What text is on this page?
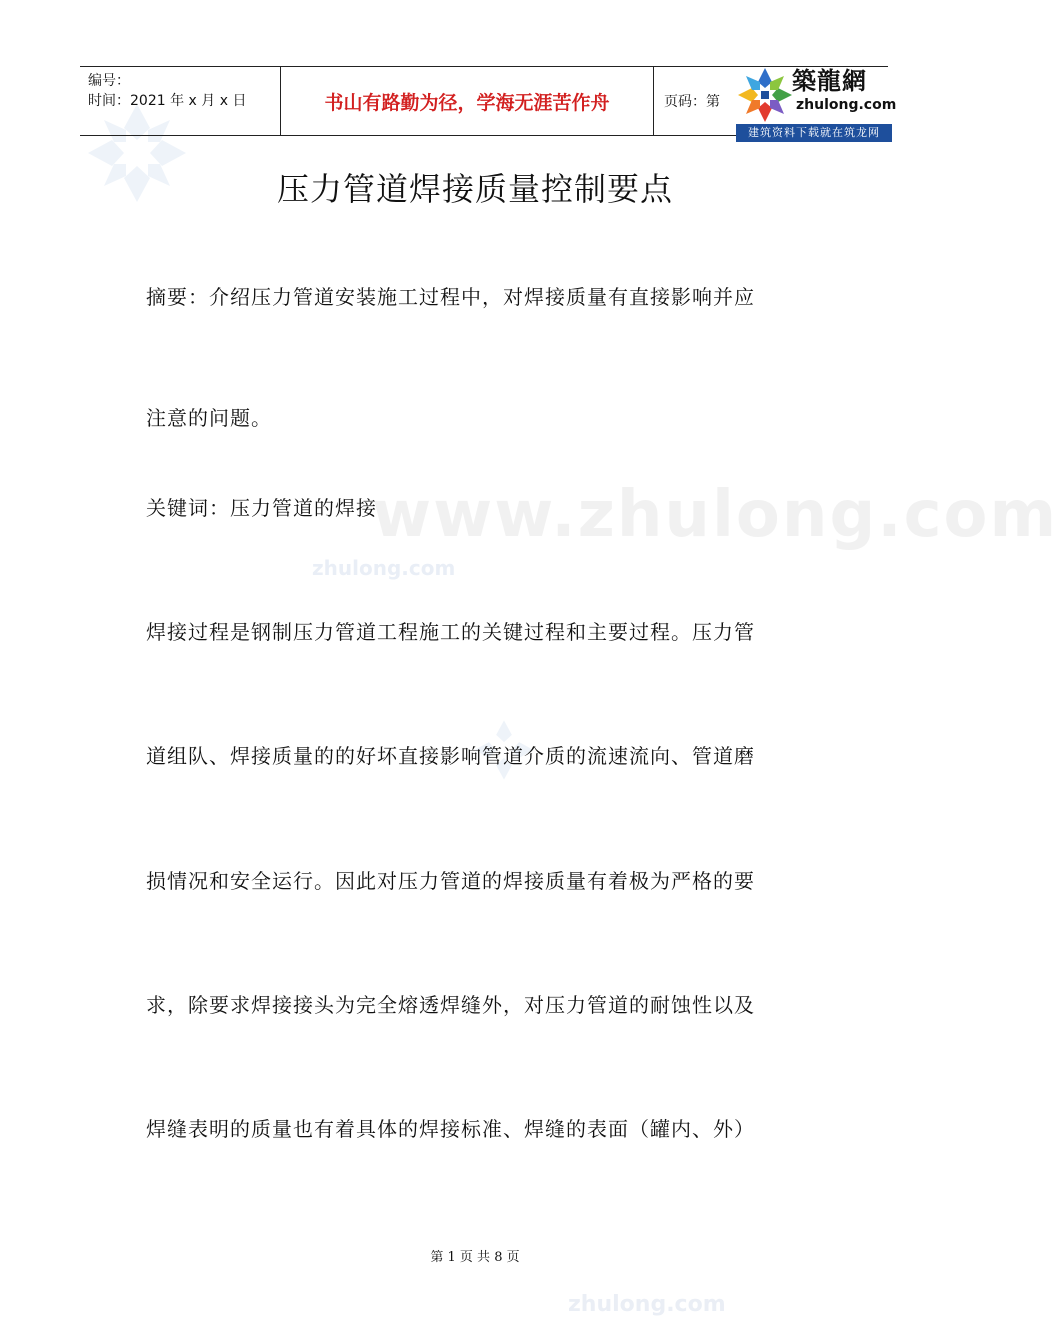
www.zhulong.com
zhulong.com
zhulong.com
编号：
时间：2021 年 x 月 x 日	书山有路勤为径，学海无涯苦作舟	页码：第
築龍網
zhulong.com
建筑资料下载就在筑龙网
压力管道焊接质量控制要点
摘要：介绍压力管道安装施工过程中，对焊接质量有直接影响并应
注意的问题。
关键词：压力管道的焊接
焊接过程是钢制压力管道工程施工的关键过程和主要过程。压力管
道组队、焊接质量的的好坏直接影响管道介质的流速流向、管道磨
损情况和安全运行。因此对压力管道的焊接质量有着极为严格的要
求，除要求焊接接头为完全熔透焊缝外，对压力管道的耐蚀性以及
焊缝表明的质量也有着具体的焊接标准、焊缝的表面（罐内、外）
第 1 页 共 8 页
